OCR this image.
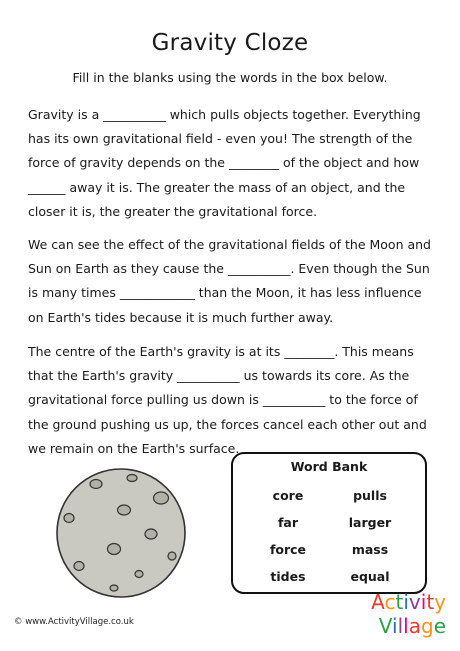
Gravity Cloze
Fill in the blanks using the words in the box below.

Gravity is a __________ which pulls objects together. Everything has its own gravitational field - even you! The strength of the force of gravity depends on the ________ of the object and how ______ away it is. The greater the mass of an object, and the closer it is, the greater the gravitational force.

We can see the effect of the gravitational fields of the Moon and Sun on Earth as they cause the __________. Even though the Sun is many times ____________ than the Moon, it has less influence on Earth's tides because it is much further away.

The centre of the Earth's gravity is at its ________. This means that the Earth's gravity __________ us towards its core. As the gravitational force pulling us down is __________ to the force of the ground pushing us up, the forces cancel each other out and we remain on the Earth's surface.

Word Bank
core	pulls
far	larger
force	mass
tides	equal
© www.ActivityVillage.co.uk
Activity
Village
